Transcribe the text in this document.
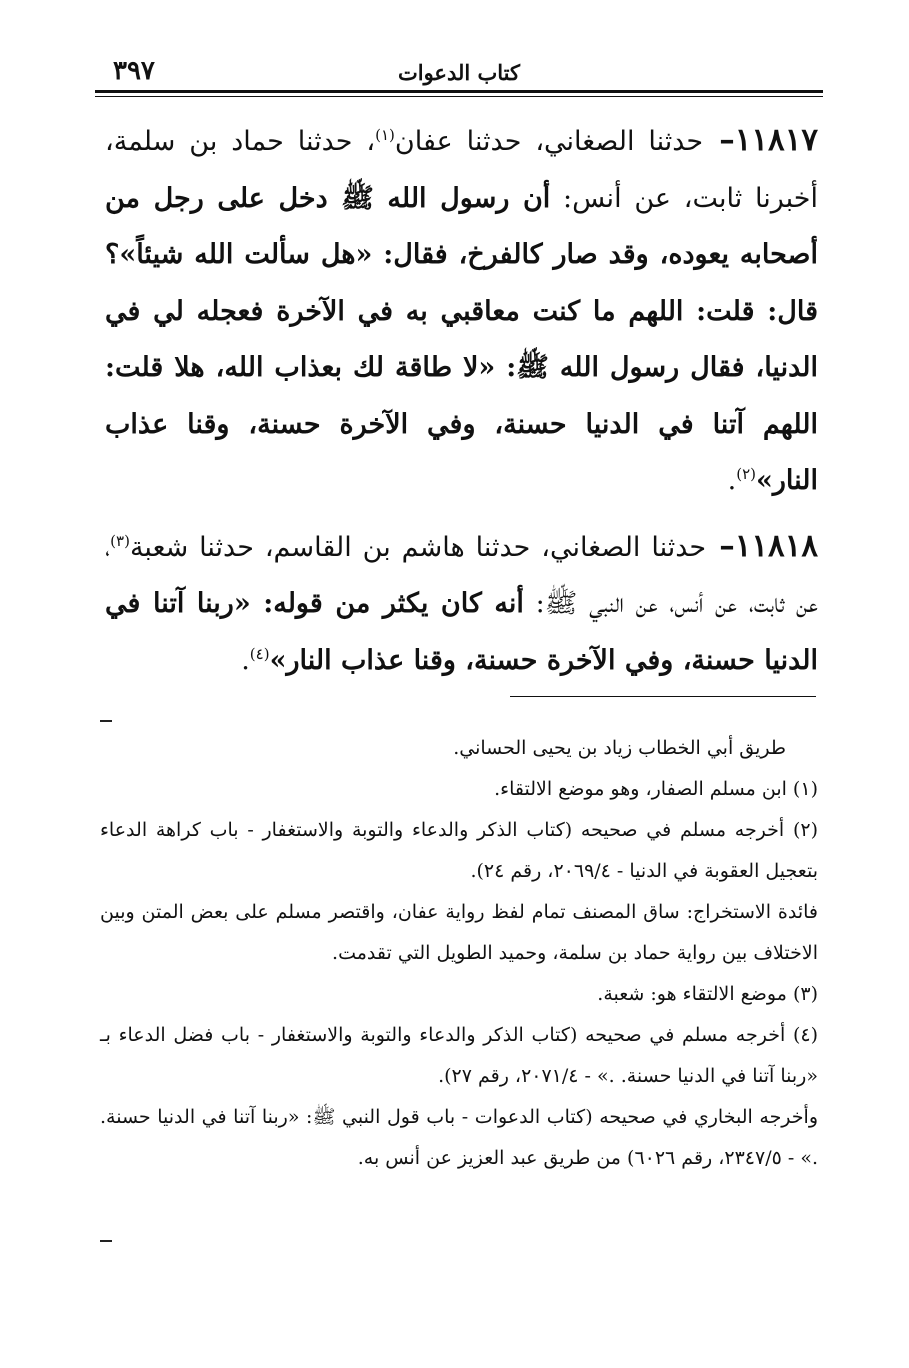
٣٩٧	كتاب الدعوات

١١٨١٧– حدثنا الصغاني، حدثنا عفان$^{(١)}$، حدثنا حماد بن سلمة، أخبرنا ثابت، عن أنس: أن رسول الله ﷺ دخل على رجل من أصحابه يعوده، وقد صار كالفرخ، فقال: «هل سألت الله شيئاً»؟ قال: قلت: اللهم ما كنت معاقبي به في الآخرة فعجله لي في الدنيا، فقال رسول الله ﷺ: «لا طاقة لك بعذاب الله، هلا قلت: اللهم آتنا في الدنيا حسنة، وفي الآخرة حسنة، وقنا عذاب النار»$^{(٢)}$.

١١٨١٨– حدثنا الصغاني، حدثنا هاشم بن القاسم، حدثنا شعبة$^{(٣)}$، عن ثابت، عن أنس، عن النبي ﷺ: أنه كان يكثر من قوله: «ربنا آتنا في الدنيا حسنة، وفي الآخرة حسنة، وقنا عذاب النار»$^{(٤)}$.

طريق أبي الخطاب زياد بن يحيى الحساني.

(١) ابن مسلم الصفار، وهو موضع الالتقاء.

(٢) أخرجه مسلم في صحيحه (كتاب الذكر والدعاء والتوبة والاستغفار - باب كراهة الدعاء بتعجيل العقوبة في الدنيا - ٢٠٦٩/٤، رقم ٢٤).

فائدة الاستخراج: ساق المصنف تمام لفظ رواية عفان، واقتصر مسلم على بعض المتن وبين الاختلاف بين رواية حماد بن سلمة، وحميد الطويل التي تقدمت.

(٣) موضع الالتقاء هو: شعبة.

(٤) أخرجه مسلم في صحيحه (كتاب الذكر والدعاء والتوبة والاستغفار - باب فضل الدعاء بـ «ربنا آتنا في الدنيا حسنة. .» - ٢٠٧١/٤، رقم ٢٧).

وأخرجه البخاري في صحيحه (كتاب الدعوات - باب قول النبي ﷺ: «ربنا آتنا في الدنيا حسنة. .» - ٢٣٤٧/٥، رقم ٦٠٢٦) من طريق عبد العزيز عن أنس به.
